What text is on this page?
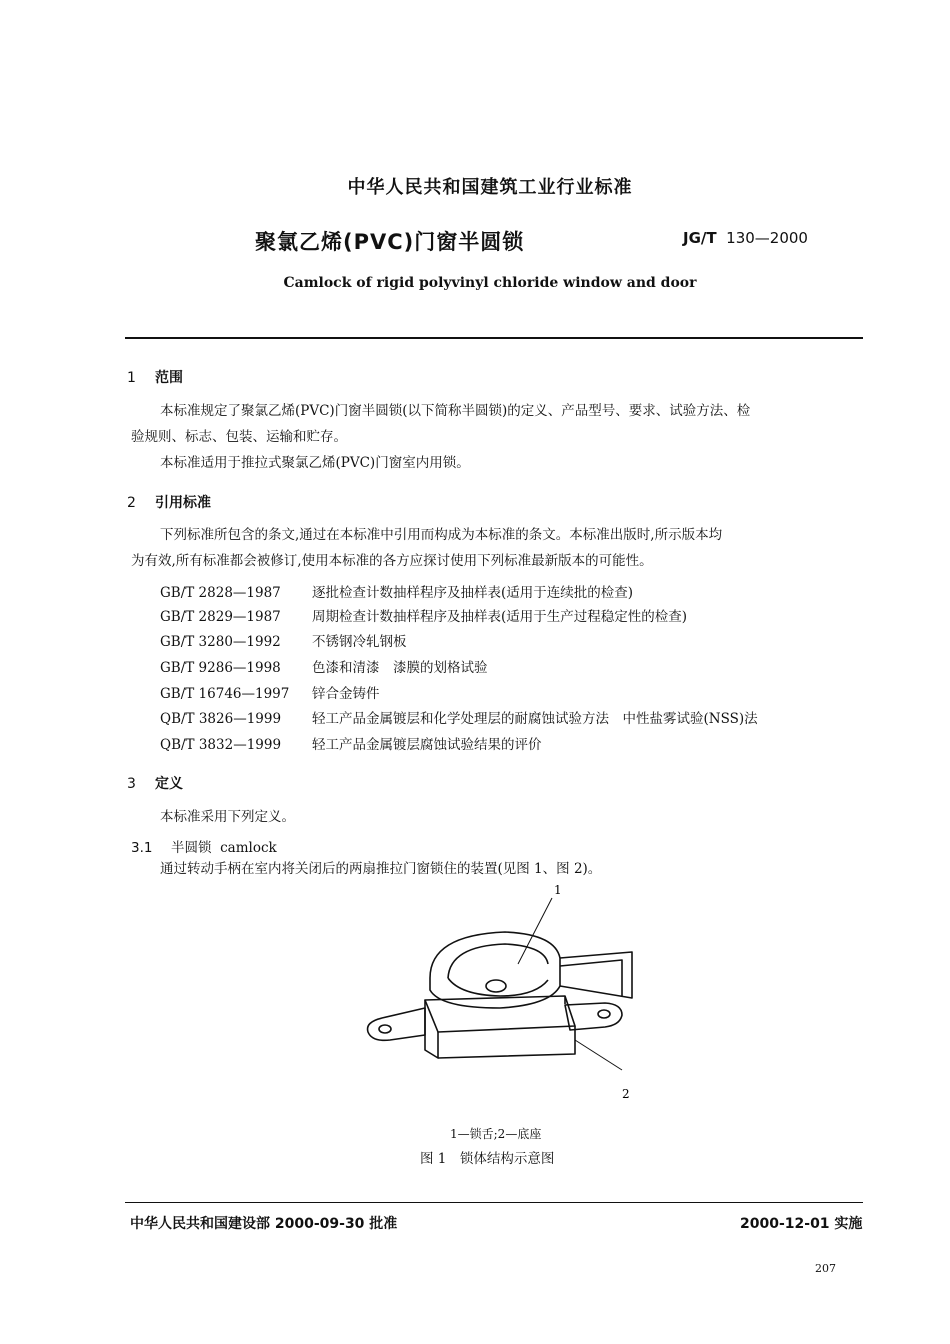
中华人民共和国建筑工业行业标准
聚氯乙烯(PVC)门窗半圆锁	JG/T 130—2000
Camlock of rigid polyvinyl chloride window and door
1 范围
本标准规定了聚氯乙烯(PVC)门窗半圆锁(以下简称半圆锁)的定义、产品型号、要求、试验方法、检
验规则、标志、包装、运输和贮存。
本标准适用于推拉式聚氯乙烯(PVC)门窗室内用锁。
2 引用标准
下列标准所包含的条文,通过在本标准中引用而构成为本标准的条文。本标准出版时,所示版本均
为有效,所有标准都会被修订,使用本标准的各方应探讨使用下列标准最新版本的可能性。
GB/T 2828—1987 逐批检查计数抽样程序及抽样表(适用于连续批的检查)
GB/T 2829—1987 周期检查计数抽样程序及抽样表(适用于生产过程稳定性的检查)
GB/T 3280—1992 不锈钢冷轧钢板
GB/T 9286—1998 色漆和清漆　漆膜的划格试验
GB/T 16746—1997 锌合金铸件
QB/T 3826—1999 轻工产品金属镀层和化学处理层的耐腐蚀试验方法　中性盐雾试验(NSS)法
QB/T 3832—1999 轻工产品金属镀层腐蚀试验结果的评价
3 定义
本标准采用下列定义。
3.1 半圆锁 camlock
通过转动手柄在室内将关闭后的两扇推拉门窗锁住的装置(见图 1、图 2)。
1
2
1—锁舌;2—底座
图 1　锁体结构示意图
中华人民共和国建设部 2000-09-30 批准	2000-12-01 实施
207
